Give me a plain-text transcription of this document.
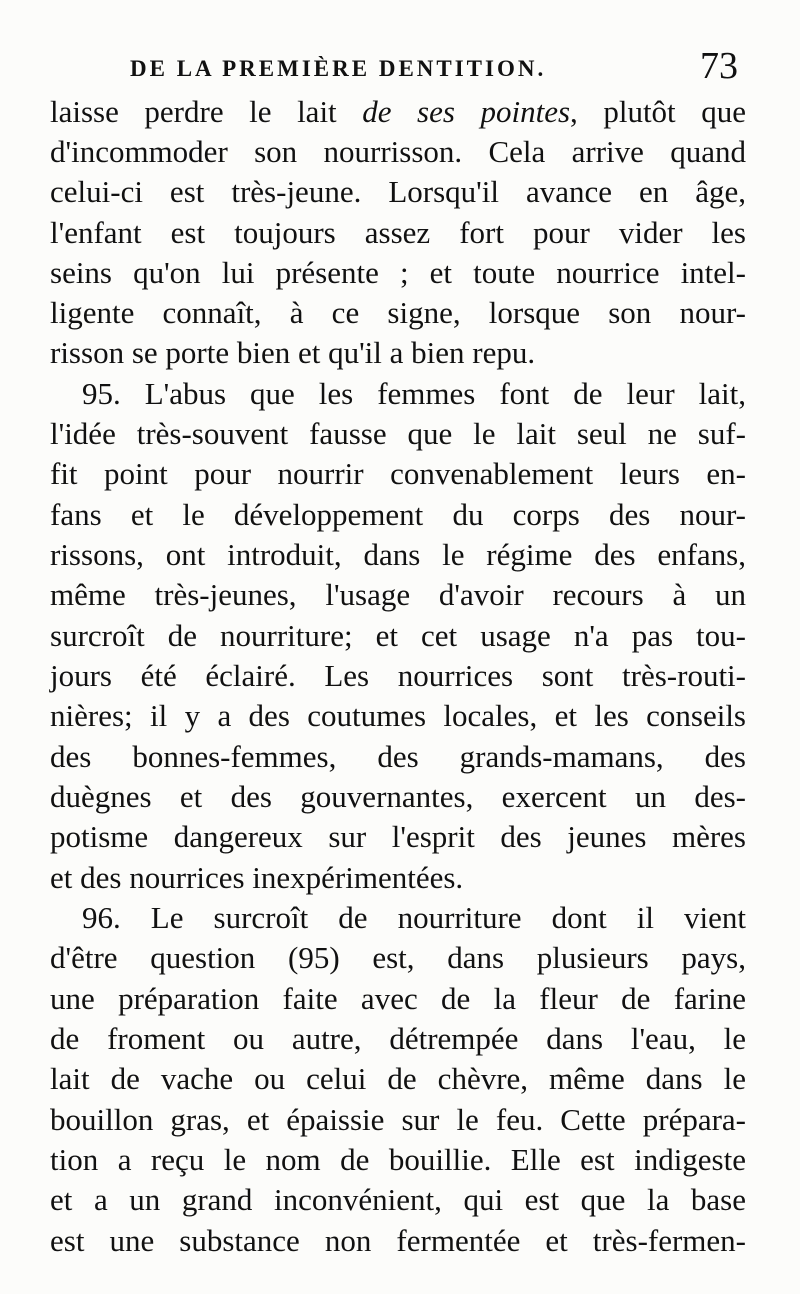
DE LA PREMIÈRE DENTITION.	73
laisse perdre le lait de ses pointes, plutôt que
d'incommoder son nourrisson. Cela arrive quand
celui-ci est très-jeune. Lorsqu'il avance en âge,
l'enfant est toujours assez fort pour vider les
seins qu'on lui présente ; et toute nourrice intel-
ligente connaît, à ce signe, lorsque son nour-
risson se porte bien et qu'il a bien repu.
95. L'abus que les femmes font de leur lait,
l'idée très-souvent fausse que le lait seul ne suf-
fit point pour nourrir convenablement leurs en-
fans et le développement du corps des nour-
rissons, ont introduit, dans le régime des enfans,
même très-jeunes, l'usage d'avoir recours à un
surcroît de nourriture; et cet usage n'a pas tou-
jours été éclairé. Les nourrices sont très-routi-
nières; il y a des coutumes locales, et les conseils
des bonnes-femmes, des grands-mamans, des
duègnes et des gouvernantes, exercent un des-
potisme dangereux sur l'esprit des jeunes mères
et des nourrices inexpérimentées.
96. Le surcroît de nourriture dont il vient
d'être question (95) est, dans plusieurs pays,
une préparation faite avec de la fleur de farine
de froment ou autre, détrempée dans l'eau, le
lait de vache ou celui de chèvre, même dans le
bouillon gras, et épaissie sur le feu. Cette prépara-
tion a reçu le nom de bouillie. Elle est indigeste
et a un grand inconvénient, qui est que la base
est une substance non fermentée et très-fermen-
